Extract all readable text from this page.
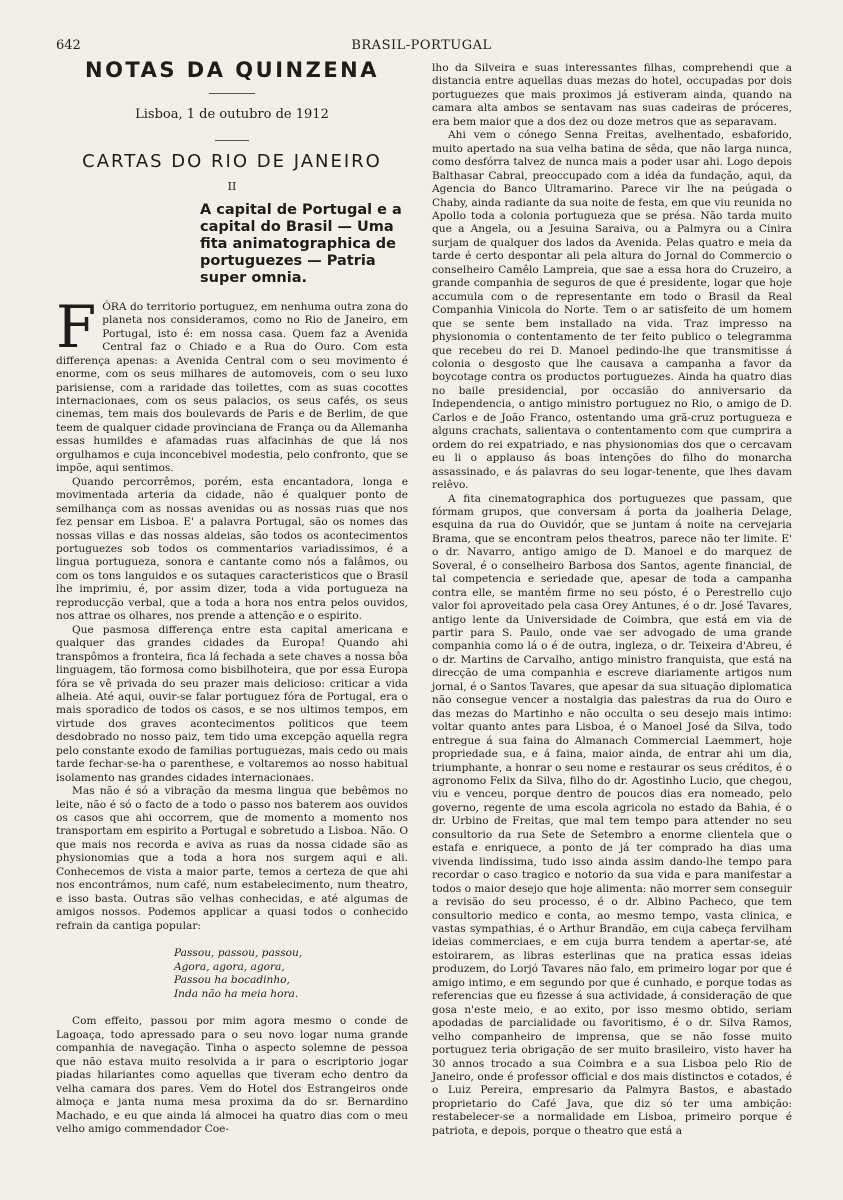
642	BRASIL-PORTUGAL
NOTAS DA QUINZENA
Lisboa, 1 de outubro de 1912
CARTAS DO RIO DE JANEIRO
II
A capital de Portugal e a capital do Brasil — Uma fita animatographica de portuguezes — Patria super omnia.
F ÓRA do territorio portuguez, em nenhuma outra zona do planeta nos consideramos, como no Rio de Janeiro, em Portugal, isto é: em nossa casa. Quem faz a Avenida Central faz o Chiado e a Rua do Ouro. Com esta differença apenas: a Avenida Central com o seu movimento é enorme, com os seus milhares de automoveis, com o seu luxo parisiense, com a raridade das toilettes, com as suas cocottes internacionaes, com os seus palacios, os seus cafés, os seus cinemas, tem mais dos boulevards de Paris e de Berlim, de que teem de qualquer cidade provinciana de França ou da Allemanha essas humildes e afamadas ruas alfacinhas de que lá nos orgulhamos e cuja inconcebivel modestia, pelo confronto, que se impõe, aqui sentimos.

Quando percorrêmos, porém, esta encantadora, longa e movimentada arteria da cidade, não é qualquer ponto de semilhança com as nossas avenidas ou as nossas ruas que nos fez pensar em Lisboa. E' a palavra Portugal, são os nomes das nossas villas e das nossas aldeias, são todos os acontecimentos portuguezes sob todos os commentarios variadissimos, é a lingua portugueza, sonora e cantante como nós a falâmos, ou com os tons languidos e os sutaques caracteristicos que o Brasil lhe imprimiu, é, por assim dizer, toda a vida portugueza na reproducção verbal, que a toda a hora nos entra pelos ouvidos, nos attrae os olhares, nos prende a attenção e o espirito.

Que pasmosa differença entre esta capital americana e qualquer das grandes cidades da Europa! Quando ahi transpômos a fronteira, fica lá fechada a sete chaves a nossa bôa linguagem, tão formosa como bisbilhoteira, que por essa Europa fóra se vê privada do seu prazer mais delicioso: criticar a vida alheia. Até aqui, ouvir-se falar portuguez fóra de Portugal, era o mais sporadico de todos os casos, e se nos ultimos tempos, em virtude dos graves acontecimentos politicos que teem desdobrado no nosso paiz, tem tido uma excepção aquella regra pelo constante exodo de familias portuguezas, mais cedo ou mais tarde fechar-se-ha o parenthese, e voltaremos ao nosso habitual isolamento nas grandes cidades internacionaes.

Mas não é só a vibração da mesma lingua que bebêmos no leite, não é só o facto de a todo o passo nos baterem aos ouvidos os casos que ahi occorrem, que de momento a momento nos transportam em espirito a Portugal e sobretudo a Lisboa. Não. O que mais nos recorda e aviva as ruas da nossa cidade são as physionomias que a toda a hora nos surgem aqui e ali. Conhecemos de vista a maior parte, temos a certeza de que ahi nos encontrámos, num café, num estabelecimento, num theatro, e isso basta. Outras são velhas conhecidas, e até algumas de amigos nossos. Podemos applicar a quasi todos o conhecido refrain da cantiga popular:

Passou, passou, passou,
Agora, agora, agora,
Passou ha bocadinho,
Inda não ha meia hora.

Com effeito, passou por mim agora mesmo o conde de Lagoaça, todo apressado para o seu novo logar numa grande companhia de navegação. Tinha o aspecto solemne de pessoa que não estava muito resolvida a ir para o escriptorio jogar piadas hilariantes como aquellas que tiveram echo dentro da velha camara dos pares. Vem do Hotel dos Estrangeiros onde almoça e janta numa mesa proxima da do sr. Bernardino Machado, e eu que ainda lá almocei ha quatro dias com o meu velho amigo commendador Coe-

lho da Silveira e suas interessantes filhas, comprehendi que a distancia entre aquellas duas mezas do hotel, occupadas por dois portuguezes que mais proximos já estiveram ainda, quando na camara alta ambos se sentavam nas suas cadeiras de próceres, era bem maior que a dos dez ou doze metros que as separavam.

Ahi vem o cónego Senna Freitas, avelhentado, esbaforido, muito apertado na sua velha batina de sêda, que não larga nunca, como desfórra talvez de nunca mais a poder usar ahi. Logo depois Balthasar Cabral, preoccupado com a idéa da fundação, aqui, da Agencia do Banco Ultramarino. Parece vir lhe na peúgada o Chaby, ainda radiante da sua noite de festa, em que viu reunida no Apollo toda a colonia portugueza que se présa. Não tarda muito que a Angela, ou a Jesuina Saraiva, ou a Palmyra ou a Cinira surjam de qualquer dos lados da Avenida. Pelas quatro e meia da tarde é certo despontar ali pela altura do Jornal do Commercio o conselheiro Camêlo Lampreia, que sae a essa hora do Cruzeiro, a grande companhia de seguros de que é presidente, logar que hoje accumula com o de representante em todo o Brasil da Real Companhia Vinicola do Norte. Tem o ar satisfeito de um homem que se sente bem installado na vida. Traz impresso na physionomia o contentamento de ter feito publico o telegramma que recebeu do rei D. Manoel pedindo-lhe que transmitisse á colonia o desgosto que lhe causava a campanha a favor da boycotage contra os productos portuguezes. Ainda ha quatro dias no baile presidencial, por occasião do anniversario da Independencia, o antigo ministro portuguez no Rio, o amigo de D. Carlos e de João Franco, ostentando uma grã-cruz portugueza e alguns crachats, salientava o contentamento com que cumprira a ordem do rei expatriado, e nas physionomias dos que o cercavam eu li o applauso ás boas intenções do filho do monarcha assassinado, e ás palavras do seu logar-tenente, que lhes davam relêvo.

A fita cinematographica dos portuguezes que passam, que fórmam grupos, que conversam á porta da joalheria Delage, esquina da rua do Ouvidór, que se juntam á noite na cervejaria Brama, que se encontram pelos theatros, parece não ter limite. E' o dr. Navarro, antigo amigo de D. Manoel e do marquez de Soveral, é o conselheiro Barbosa dos Santos, agente financial, de tal competencia e seriedade que, apesar de toda a campanha contra elle, se mantém firme no seu pósto, é o Perestrello cujo valor foi aproveitado pela casa Orey Antunes, é o dr. José Tavares, antigo lente da Universidade de Coimbra, que está em via de partir para S. Paulo, onde vae ser advogado de uma grande companhia como lá o é de outra, ingleza, o dr. Teixeira d'Abreu, é o dr. Martins de Carvalho, antigo ministro franquista, que está na direcção de uma companhia e escreve diariamente artigos num jornal, é o Santos Tavares, que apesar da sua situação diplomatica não consegue vencer a nostalgia das palestras da rua do Ouro e das mezas do Martinho e não occulta o seu desejo mais intimo: voltar quanto antes para Lisboa, é o Manoel José da Silva, todo entregue á sua faina do Almanach Commercial Laemmert, hoje propriedade sua, e á faina, maior ainda, de entrar ahi um dia, triumphante, a honrar o seu nome e restaurar os seus créditos, é o agronomo Felix da Silva, filho do dr. Agostinho Lucio, que chegou, viu e venceu, porque dentro de poucos dias era nomeado, pelo governo, regente de uma escola agricola no estado da Bahia, é o dr. Urbino de Freitas, que mal tem tempo para attender no seu consultorio da rua Sete de Setembro a enorme clientela que o estafa e enriquece, a ponto de já ter comprado ha dias uma vivenda lindissima, tudo isso ainda assim dando-lhe tempo para recordar o caso tragico e notorio da sua vida e para manifestar a todos o maior desejo que hoje alimenta: não morrer sem conseguir a revisão do seu processo, é o dr. Albino Pacheco, que tem consultorio medico e conta, ao mesmo tempo, vasta clinica, e vastas sympathias, é o Arthur Brandão, em cuja cabeça fervilham ideias commerciaes, e em cuja burra tendem a apertar-se, até estoirarem, as libras esterlinas que na pratica essas ideias produzem, do Lorjó Tavares não falo, em primeiro logar por que é amigo intimo, e em segundo por que é cunhado, e porque todas as referencias que eu fizesse á sua actividade, á consideração de que gosa n'este meio, e ao exito, por isso mesmo obtido, seriam apodadas de parcialidade ou favoritismo, é o dr. Silva Ramos, velho companheiro de imprensa, que se não fosse muito portuguez teria obrigação de ser muito brasileiro, visto haver ha 30 annos trocado a sua Coimbra e a sua Lisboa pelo Rio de Janeiro, onde é professor official e dos mais distinctos e cotados, é o Luiz Pereira, empresario da Palmyra Bastos, e abastado proprietario do Café Java, que diz só ter uma ambição: restabelecer-se a normalidade em Lisboa, primeiro porque é patriota, e depois, porque o theatro que está a
